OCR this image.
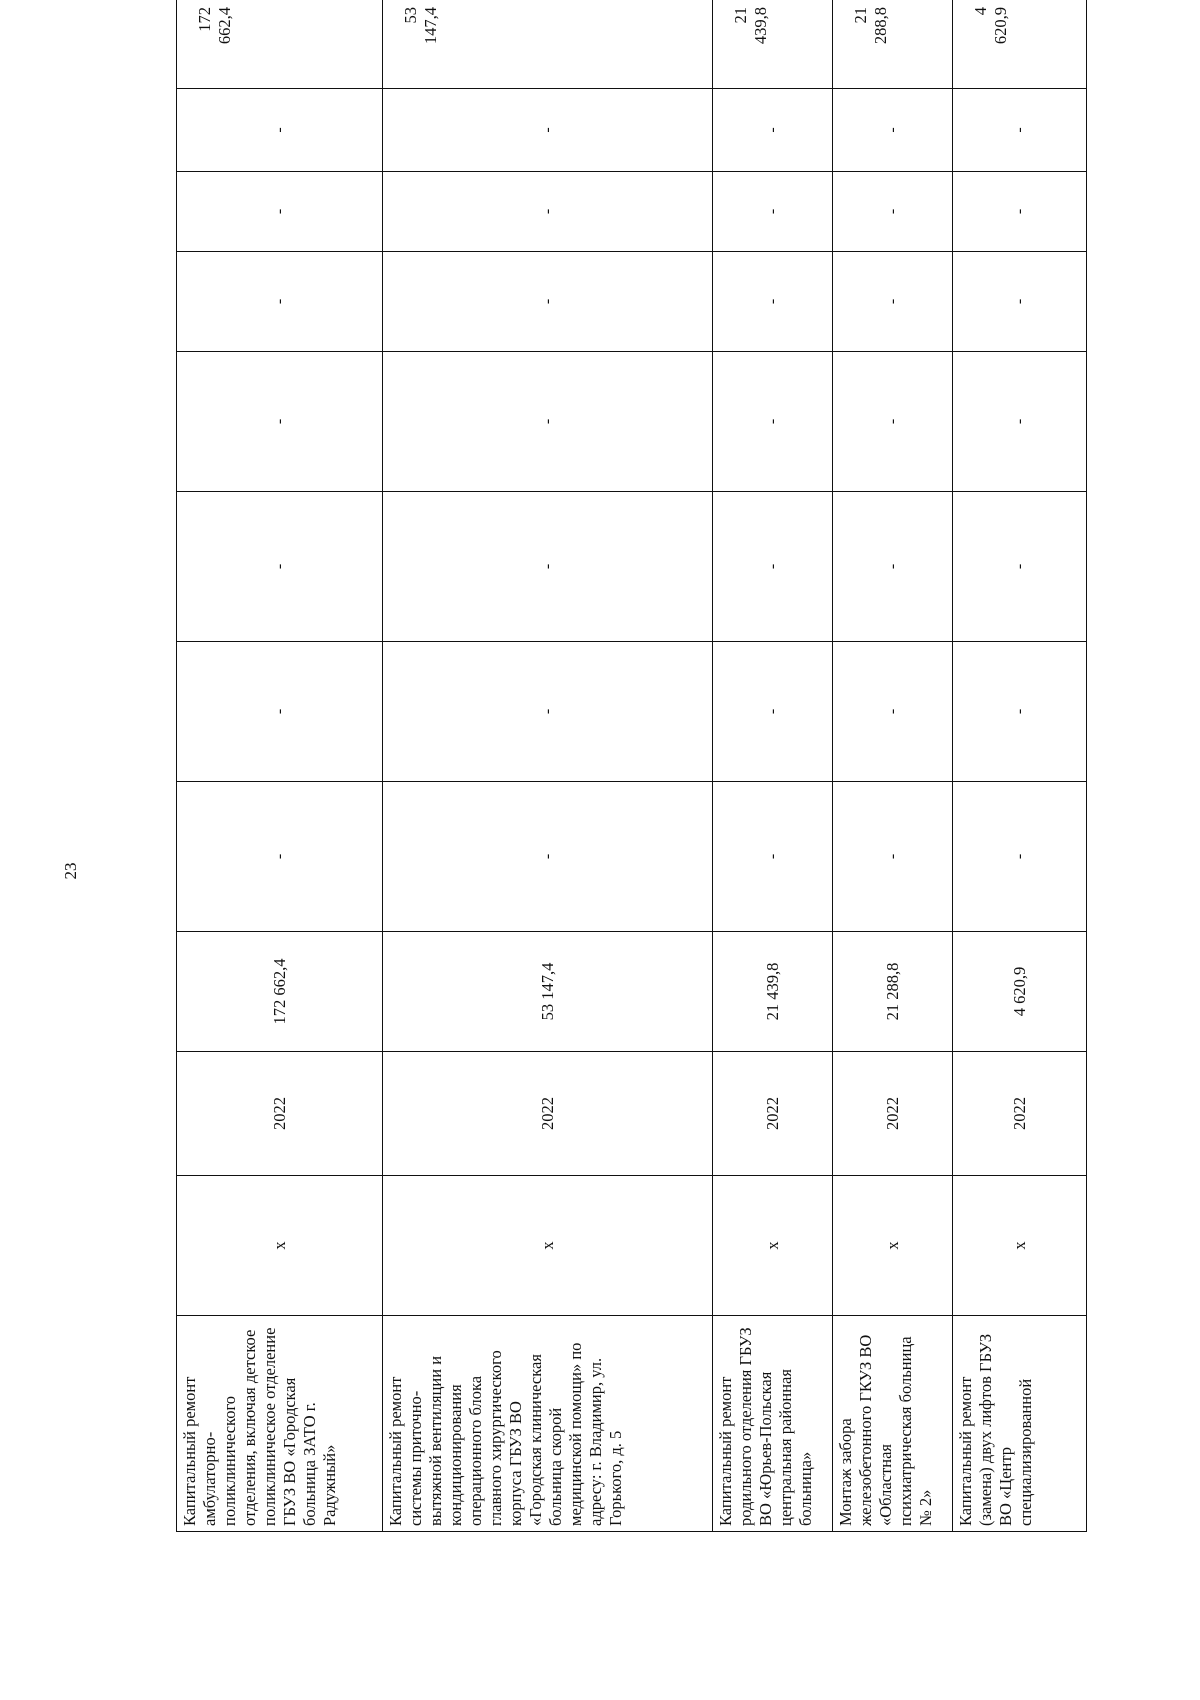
23
Капитальный ремонт амбулаторно-поликлинического отделения, включая детское поликлиническое отделение ГБУЗ ВО «Городская больница ЗАТО г. Радужный»	x	2022	172 662,4	-	-	-	-	-	-	-	172 662,4

Капитальный ремонт системы приточно-вытяжной вентиляции и кондиционирования операционного блока главного хирургического корпуса ГБУЗ ВО «Городская клиническая больница скорой медицинской помощи» по адресу: г. Владимир, ул. Горького, д. 5	x	2022	53 147,4	-	-	-	-	-	-	-	53 147,4

Капитальный ремонт родильного отделения ГБУЗ ВО «Юрьев-Польская центральная районная больница»	x	2022	21 439,8	-	-	-	-	-	-	-	21 439,8

Монтаж забора железобетонного ГКУЗ ВО «Областная психиатрическая больница № 2»	x	2022	21 288,8	-	-	-	-	-	-	-	21 288,8

Капитальный ремонт (замена) двух лифтов ГБУЗ ВО «Центр специализированной	x	2022	4 620,9	-	-	-	-	-	-	-	4 620,9
